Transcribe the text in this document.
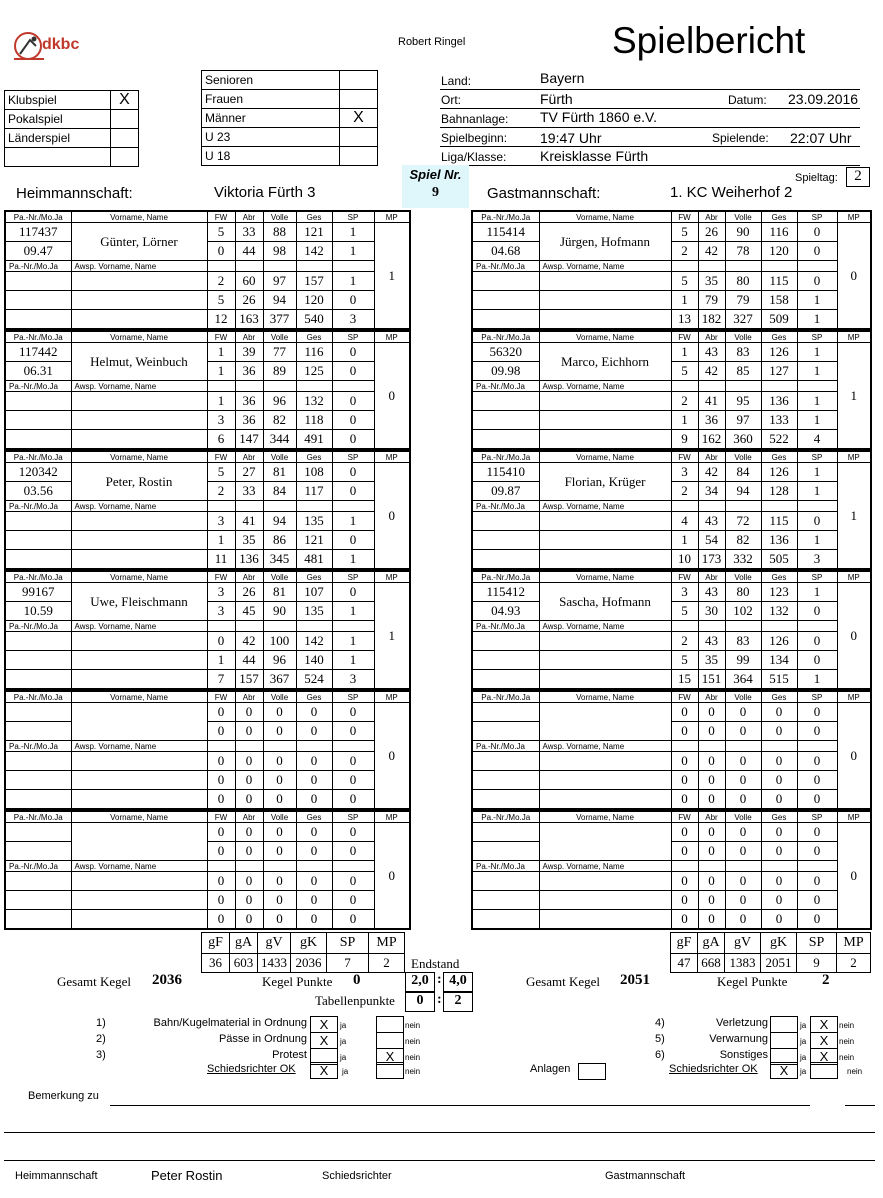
dkbc	Robert Ringel	Spielbericht
Klubspiel	X
Pokalspiel	
Länderspiel	

Senioren	
Frauen	
Männer	X
U 23	
U 18	
Land:	Bayern
Ort:	Fürth	Datum: 23.09.2016
Bahnanlage: TV Fürth 1860 e.V.
Spielbeginn: 19:47 Uhr	Spielende: 22:07 Uhr
Liga/Klasse: Kreisklasse Fürth
Spiel Nr.
9
Spieltag:	2
Heimmannschaft:	Viktoria Fürth 3	Gastmannschaft:	1. KC Weiherhof 2
Pa.-Nr./Mo.Ja	Vorname, Name	FW	Abr	Volle	Ges	SP	MP
117437	Günter, Lörner	5	33	88	121	1	1
09.47		0	44	98	142	1	
Pa.-Nr./Mo.Ja	Awsp. Vorname, Name						
		2	60	97	157	1	
		5	26	94	120	0	
		12	163	377	540	3	
Pa.-Nr./Mo.Ja	Vorname, Name	FW	Abr	Volle	Ges	SP	MP
117442	Helmut, Weinbuch	1	39	77	116	0	0
06.31		1	36	89	125	0	
Pa.-Nr./Mo.Ja	Awsp. Vorname, Name						
		1	36	96	132	0	
		3	36	82	118	0	
		6	147	344	491	0	
Pa.-Nr./Mo.Ja	Vorname, Name	FW	Abr	Volle	Ges	SP	MP
120342	Peter, Rostin	5	27	81	108	0	0
03.56		2	33	84	117	0	
Pa.-Nr./Mo.Ja	Awsp. Vorname, Name						
		3	41	94	135	1	
		1	35	86	121	0	
		11	136	345	481	1	
Pa.-Nr./Mo.Ja	Vorname, Name	FW	Abr	Volle	Ges	SP	MP
99167	Uwe, Fleischmann	3	26	81	107	0	1
10.59		3	45	90	135	1	
Pa.-Nr./Mo.Ja	Awsp. Vorname, Name						
		0	42	100	142	1	
		1	44	96	140	1	
		7	157	367	524	3	
Pa.-Nr./Mo.Ja	Vorname, Name	FW	Abr	Volle	Ges	SP	MP
		0	0	0	0	0	0
		0	0	0	0	0	
Pa.-Nr./Mo.Ja	Awsp. Vorname, Name						
		0	0	0	0	0	
		0	0	0	0	0	
		0	0	0	0	0	
Pa.-Nr./Mo.Ja	Vorname, Name	FW	Abr	Volle	Ges	SP	MP
		0	0	0	0	0	0
		0	0	0	0	0	
Pa.-Nr./Mo.Ja	Awsp. Vorname, Name						
		0	0	0	0	0	
		0	0	0	0	0	
		0	0	0	0	0	
Pa.-Nr./Mo.Ja	Vorname, Name	FW	Abr	Volle	Ges	SP	MP
115414	Jürgen, Hofmann	5	26	90	116	0	0
04.68		2	42	78	120	0	
Pa.-Nr./Mo.Ja	Awsp. Vorname, Name						
		5	35	80	115	0	
		1	79	79	158	1	
		13	182	327	509	1	
Pa.-Nr./Mo.Ja	Vorname, Name	FW	Abr	Volle	Ges	SP	MP
56320	Marco, Eichhorn	1	43	83	126	1	1
09.98		5	42	85	127	1	
Pa.-Nr./Mo.Ja	Awsp. Vorname, Name						
		2	41	95	136	1	
		1	36	97	133	1	
		9	162	360	522	4	
Pa.-Nr./Mo.Ja	Vorname, Name	FW	Abr	Volle	Ges	SP	MP
115410	Florian, Krüger	3	42	84	126	1	1
09.87		2	34	94	128	1	
Pa.-Nr./Mo.Ja	Awsp. Vorname, Name						
		4	43	72	115	0	
		1	54	82	136	1	
		10	173	332	505	3	
Pa.-Nr./Mo.Ja	Vorname, Name	FW	Abr	Volle	Ges	SP	MP
115412	Sascha, Hofmann	3	43	80	123	1	0
04.93		5	30	102	132	0	
Pa.-Nr./Mo.Ja	Awsp. Vorname, Name						
		2	43	83	126	0	
		5	35	99	134	0	
		15	151	364	515	1	
Pa.-Nr./Mo.Ja	Vorname, Name	FW	Abr	Volle	Ges	SP	MP
		0	0	0	0	0	0
		0	0	0	0	0	
Pa.-Nr./Mo.Ja	Awsp. Vorname, Name						
		0	0	0	0	0	
		0	0	0	0	0	
		0	0	0	0	0	
Pa.-Nr./Mo.Ja	Vorname, Name	FW	Abr	Volle	Ges	SP	MP
		0	0	0	0	0	0
		0	0	0	0	0	
Pa.-Nr./Mo.Ja	Awsp. Vorname, Name						
		0	0	0	0	0	
		0	0	0	0	0	
		0	0	0	0	0	
gF	gA	gV	gK	SP	MP
36	603	1433	2036	7	2
gF	gA	gV	gK	SP	MP
47	668	1383	2051	9	2
Gesamt Kegel 2036	Kegel Punkte 0
Endstand
2,0 : 4,0
Tabellenpunkte	0 : 2
Gesamt Kegel 2051	Kegel Punkte 2
1)	Bahn/Kugelmaterial in Ordnung X	ja	nein
2)	Pässe in Ordnung X	ja	nein
3)	Protest	ja	X	nein
4)	Verletzung	ja	X	nein
5)	Verwarnung	ja	X	nein
6)	Sonstiges	ja	X	nein
Schiedsrichter OK	X	ja	nein	Anlagen	Schiedsrichter OK	X	ja	nein
Bemerkung zu
Heimmannschaft	Peter Rostin	Schiedsrichter	Gastmannschaft
